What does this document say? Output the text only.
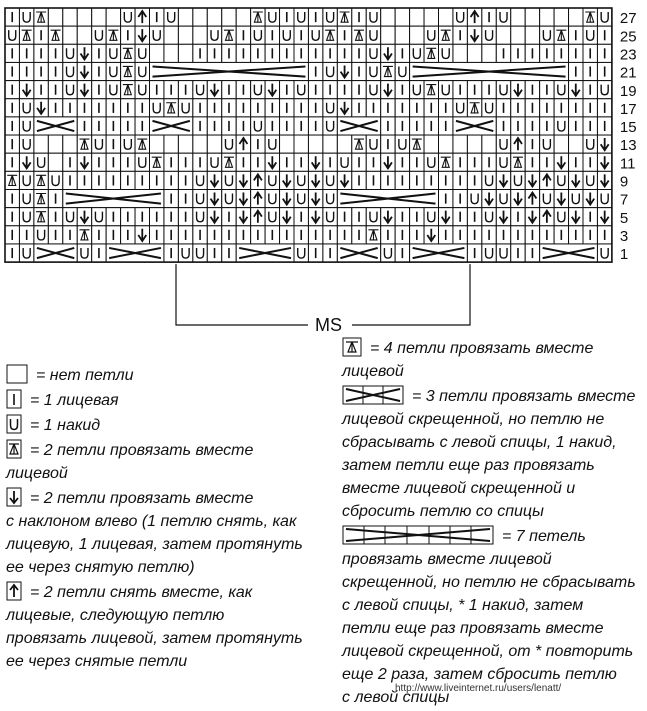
27
25
23
21
19
17
15
13
11
9
7
5
3
1
MS
= нет петли
= 1 лицевая
= 1 накид
= 2 петли провязать вместе
лицевой
= 2 петли провязать вместе
с наклоном влево (1 петлю снять, как
лицевую, 1 лицевая, затем протянуть
ее через снятую петлю)
= 2 петли снять вместе, как
лицевые, следующую петлю
провязать лицевой, затем протянуть
ее через снятые петли
= 4 петли провязать вместе
лицевой
= 3 петли провязать вместе
лицевой скрещенной, но петлю не
сбрасывать с левой спицы, 1 накид,
затем петли еще раз провязать
вместе лицевой скрещенной и
сбросить петлю со спицы
= 7 петель
провязать вместе лицевой
скрещенной, но петлю не сбрасывать
с левой спицы, * 1 накид, затем
петли еще раз провязать вместе
лицевой скрещенной, от * повторить
еще 2 раза, затем сбросить петлю
с левой спицы
http://www.liveinternet.ru/users/lenatt/
